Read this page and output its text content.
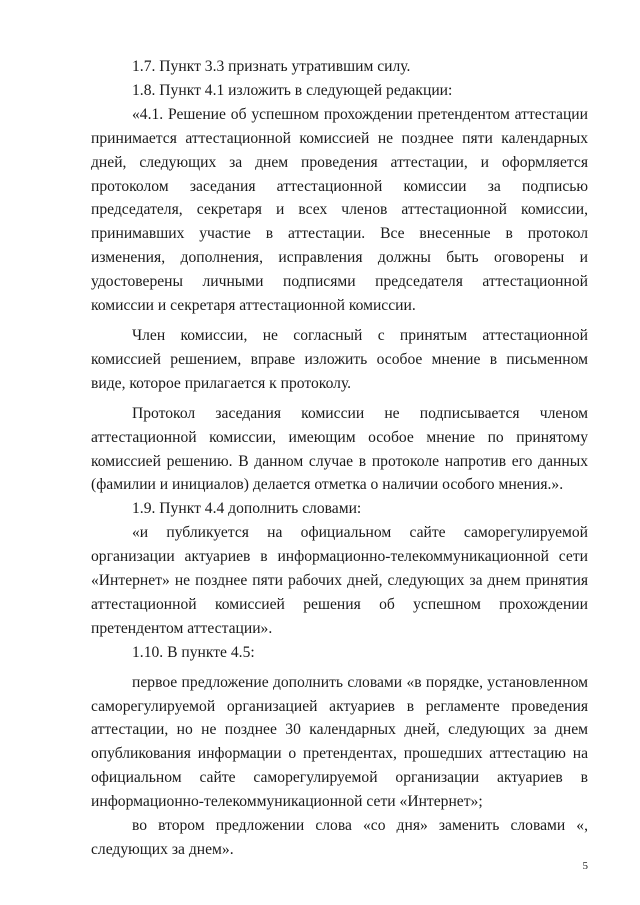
1.7. Пункт 3.3 признать утратившим силу.

1.8. Пункт 4.1 изложить в следующей редакции:

«4.1. Решение об успешном прохождении претендентом аттестации принимается аттестационной комиссией не позднее пяти календарных дней, следующих за днем проведения аттестации, и оформляется протоколом заседания аттестационной комиссии за подписью председателя, секретаря и всех членов аттестационной комиссии, принимавших участие в аттестации. Все внесенные в протокол изменения, дополнения, исправления должны быть оговорены и удостоверены личными подписями председателя аттестационной комиссии и секретаря аттестационной комиссии.

Член комиссии, не согласный с принятым аттестационной комиссией решением, вправе изложить особое мнение в письменном виде, которое прилагается к протоколу.

Протокол заседания комиссии не подписывается членом аттестационной комиссии, имеющим особое мнение по принятому комиссией решению. В данном случае в протоколе напротив его данных (фамилии и инициалов) делается отметка о наличии особого мнения.».

1.9. Пункт 4.4 дополнить словами:

«и публикуется на официальном сайте саморегулируемой организации актуариев в информационно-телекоммуникационной сети «Интернет» не позднее пяти рабочих дней, следующих за днем принятия аттестационной комиссией решения об успешном прохождении претендентом аттестации».

1.10. В пункте 4.5:

первое предложение дополнить словами «в порядке, установленном саморегулируемой организацией актуариев в регламенте проведения аттестации, но не позднее 30 календарных дней, следующих за днем опубликования информации о претендентах, прошедших аттестацию на официальном сайте саморегулируемой организации актуариев в информационно-телекоммуникационной сети «Интернет»;

во втором предложении слова «со дня» заменить словами «, следующих за днем».

5
